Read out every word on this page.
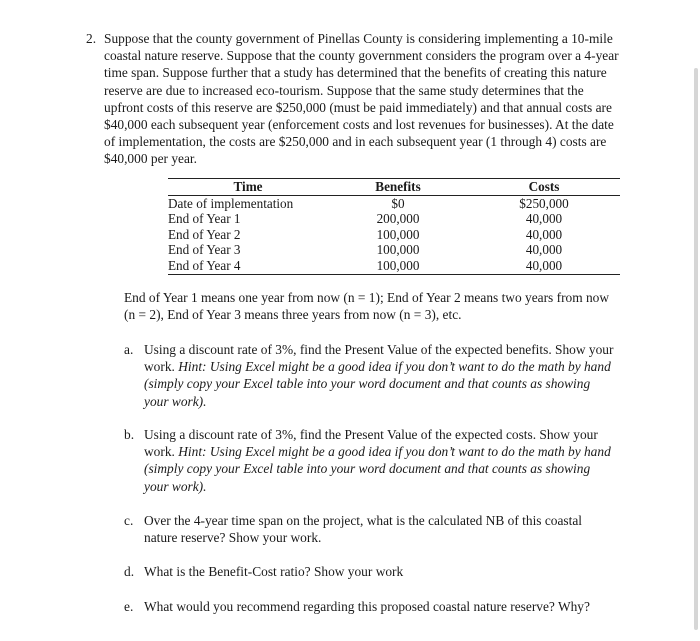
2. Suppose that the county government of Pinellas County is considering implementing a 10-mile coastal nature reserve. Suppose that the county government considers the program over a 4-year time span. Suppose further that a study has determined that the benefits of creating this nature reserve are due to increased eco-tourism. Suppose that the same study determines that the upfront costs of this reserve are $250,000 (must be paid immediately) and that annual costs are $40,000 each subsequent year (enforcement costs and lost revenues for businesses). At the date of implementation, the costs are $250,000 and in each subsequent year (1 through 4) costs are $40,000 per year.

Time	Benefits	Costs
Date of implementation	$0	$250,000
End of Year 1	200,000	40,000
End of Year 2	100,000	40,000
End of Year 3	100,000	40,000
End of Year 4	100,000	40,000

End of Year 1 means one year from now (n = 1); End of Year 2 means two years from now (n = 2), End of Year 3 means three years from now (n = 3), etc.

a. Using a discount rate of 3%, find the Present Value of the expected benefits. Show your work. Hint: Using Excel might be a good idea if you don’t want to do the math by hand (simply copy your Excel table into your word document and that counts as showing your work).
b. Using a discount rate of 3%, find the Present Value of the expected costs. Show your work. Hint: Using Excel might be a good idea if you don’t want to do the math by hand (simply copy your Excel table into your word document and that counts as showing your work).
c. Over the 4-year time span on the project, what is the calculated NB of this coastal nature reserve? Show your work.
d. What is the Benefit-Cost ratio? Show your work
e. What would you recommend regarding this proposed coastal nature reserve? Why?
